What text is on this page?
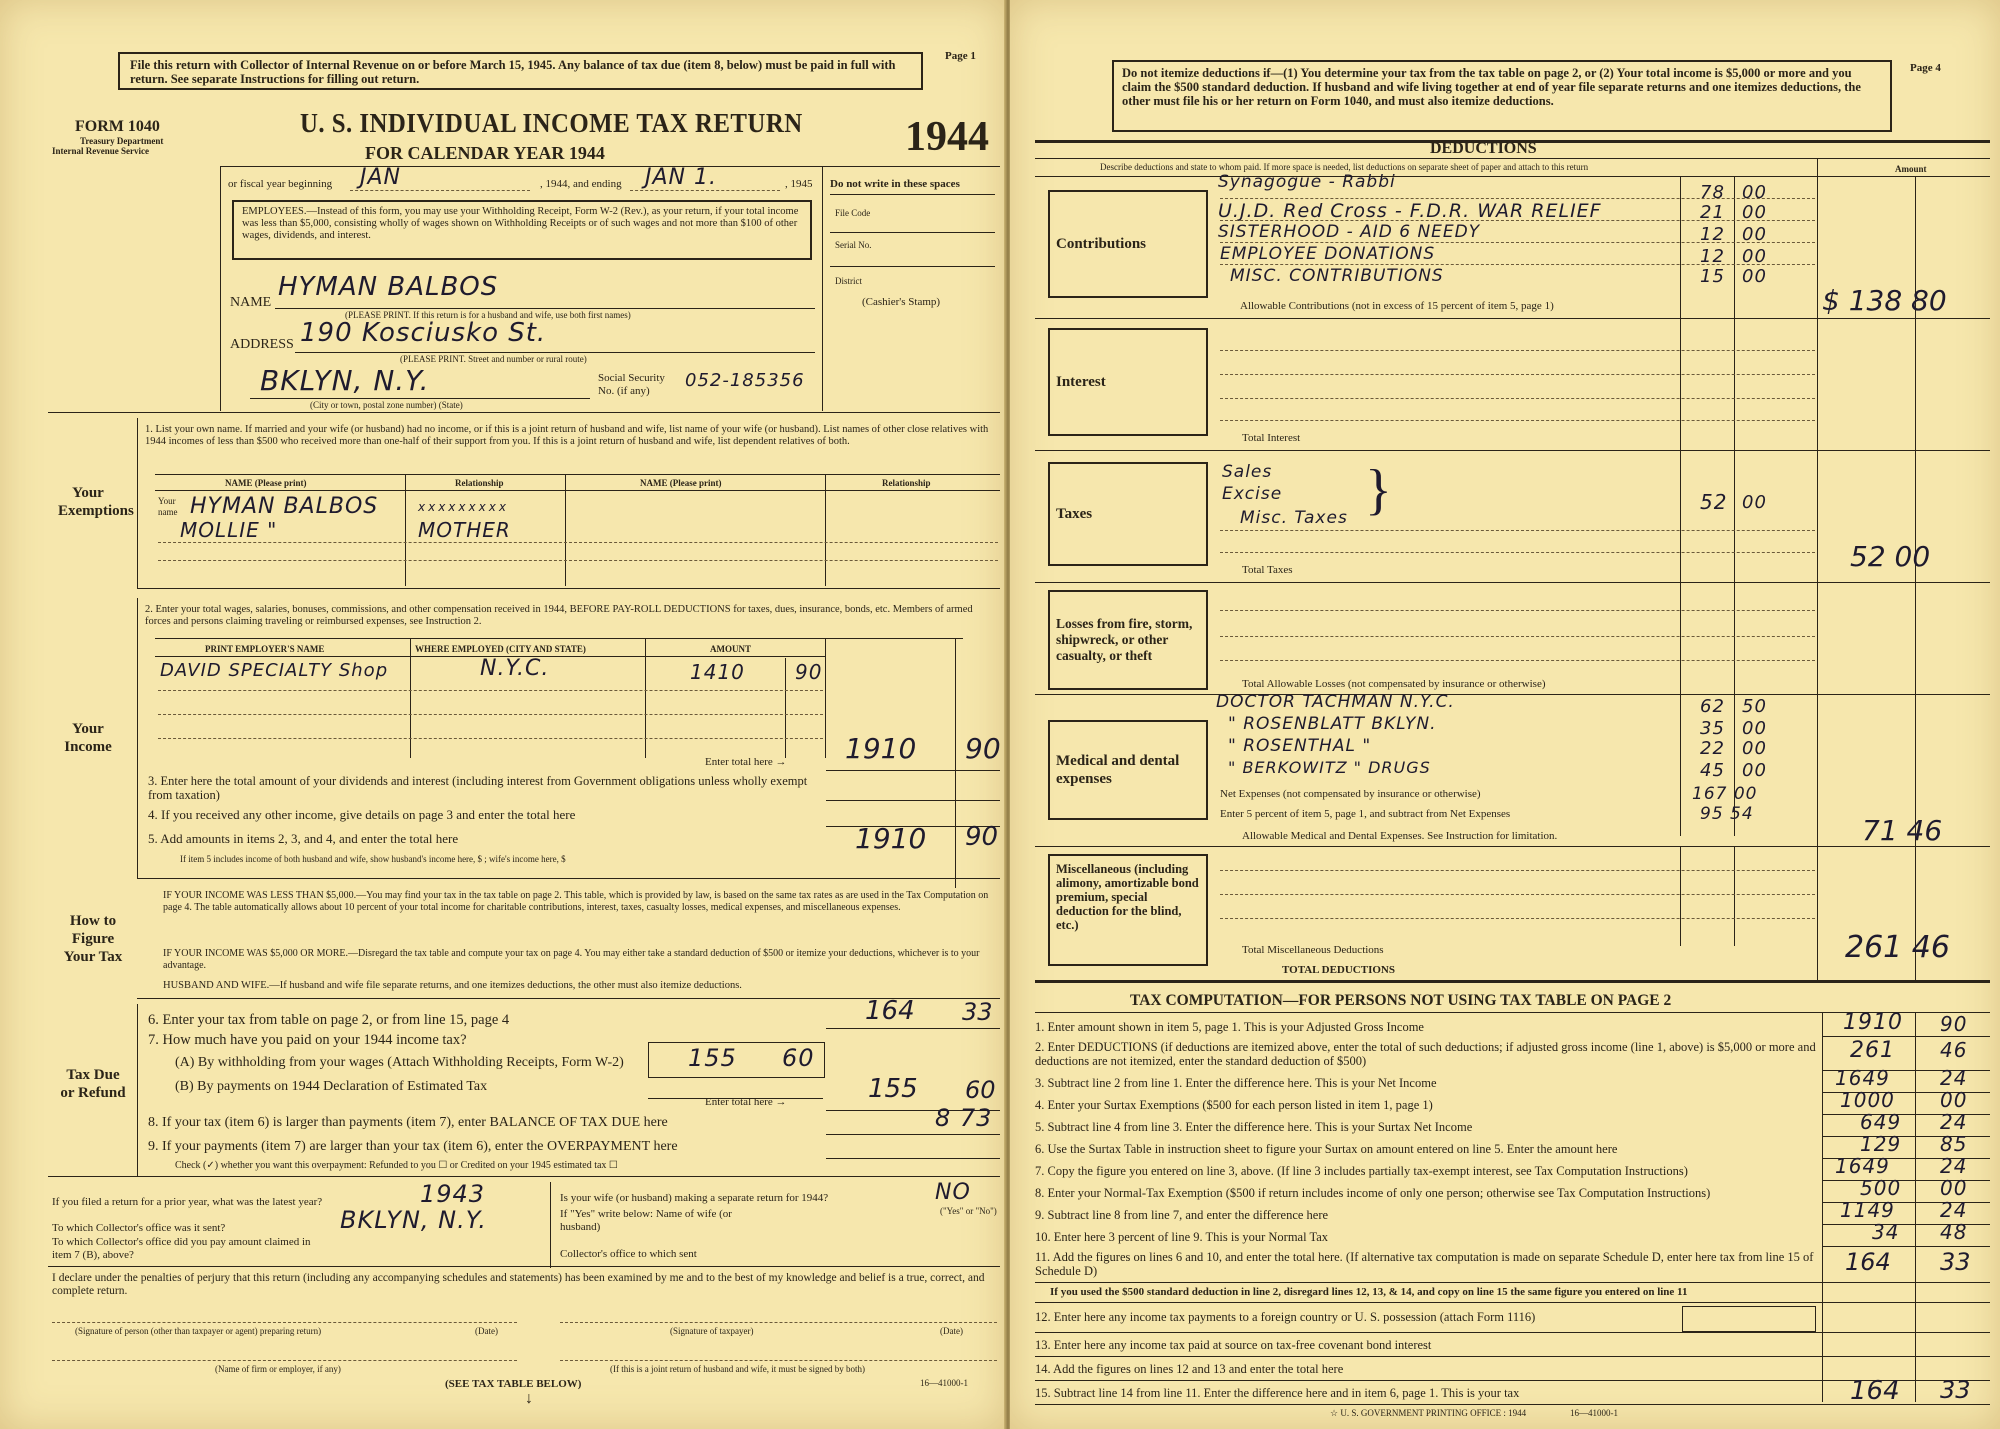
File this return with Collector of Internal Revenue on or before March 15, 1945. Any balance of tax due (item 8, below) must be paid in full with return. See separate Instructions for filling out return.
Page 1
FORM 1040
Treasury Department
Internal Revenue Service
U. S. INDIVIDUAL INCOME TAX RETURN
FOR CALENDAR YEAR 1944	1944
or fiscal year beginning JAN	, 1944, and ending JAN 1.	, 1945 Do not write in these spaces
File Code
Serial No.
District
(Cashier's Stamp)
EMPLOYEES.—Instead of this form, you may use your Withholding Receipt, Form W-2 (Rev.), as your return, if your total income was less than $5,000, consisting wholly of wages shown on Withholding Receipts or of such wages and not more than $100 of other wages, dividends, and interest.
NAME
HYMAN BALBOS
(PLEASE PRINT. If this return is for a husband and wife, use both first names)
ADDRESS 190 Kosciusko St.
(PLEASE PRINT. Street and number or rural route)
BKLYN, N.Y.
(City or town, postal zone number) (State)
Social Security No. (if any)	052-185356
1. List your own name. If married and your wife (or husband) had no income, or if this is a joint return of husband and wife, list name of your wife (or husband). List names of other close relatives with 1944 incomes of less than $500 who received more than one-half of their support from you. If this is a joint return of husband and wife, list dependent relatives of both.
Your Exemptions
NAME (Please print)	Relationship	NAME (Please print)	Relationship
Your name HYMAN BALBOS	xxxxxxxxx
MOLLIE "	MOTHER
2. Enter your total wages, salaries, bonuses, commissions, and other compensation received in 1944, BEFORE PAY-ROLL DEDUCTIONS for taxes, dues, insurance, bonds, etc. Members of armed forces and persons claiming traveling or reimbursed expenses, see Instruction 2.
Your Income
PRINT EMPLOYER'S NAME	WHERE EMPLOYED (CITY AND STATE)	AMOUNT
DAVID SPECIALTY Shop	N.Y.C.	1410	90
Enter total here → 1910 90
3. Enter here the total amount of your dividends and interest (including interest from Government obligations unless wholly exempt from taxation)
4. If you received any other income, give details on page 3 and enter the total here
5. Add amounts in items 2, 3, and 4, and enter the total here	1910 90
If item 5 includes income of both husband and wife, show husband's income here, $ ; wife's income here, $
How to Figure Your Tax
IF YOUR INCOME WAS LESS THAN $5,000.—You may find your tax in the tax table on page 2. This table, which is provided by law, is based on the same tax rates as are used in the Tax Computation on page 4. The table automatically allows about 10 percent of your total income for charitable contributions, interest, taxes, casualty losses, medical expenses, and miscellaneous expenses.
IF YOUR INCOME WAS $5,000 OR MORE.—Disregard the tax table and compute your tax on page 4. You may either take a standard deduction of $500 or itemize your deductions, whichever is to your advantage.
HUSBAND AND WIFE.—If husband and wife file separate returns, and one itemizes deductions, the other must also itemize deductions.
Tax Due or Refund
6. Enter your tax from table on page 2, or from line 15, page 4	164 33
7. How much have you paid on your 1944 income tax?
(A) By withholding from your wages (Attach Withholding Receipts, Form W-2)	155 60
(B) By payments on 1944 Declaration of Estimated Tax
Enter total here →	155 60
8. If your tax (item 6) is larger than payments (item 7), enter BALANCE OF TAX DUE here	8 73
9. If your payments (item 7) are larger than your tax (item 6), enter the OVERPAYMENT here
Check (✓) whether you want this overpayment: Refunded to you ☐ or Credited on your 1945 estimated tax ☐
If you filed a return for a prior year, what was the latest year?	1943
To which Collector's office was it sent?	BKLYN, N.Y.
To which Collector's office did you pay amount claimed in item 7 (B), above?
Is your wife (or husband) making a separate return for 1944?	NO
("Yes" or "No")
If "Yes" write below: Name of wife (or husband)
Collector's office to which sent
I declare under the penalties of perjury that this return (including any accompanying schedules and statements) has been examined by me and to the best of my knowledge and belief is a true, correct, and complete return.
(Signature of person (other than taxpayer or agent) preparing return)	(Date)	(Signature of taxpayer)	(Date)
(Name of firm or employer, if any)	(If this is a joint return of husband and wife, it must be signed by both)
(SEE TAX TABLE BELOW)
↓
16—41000-1
Do not itemize deductions if—(1) You determine your tax from the tax table on page 2, or (2) Your total income is $5,000 or more and you claim the $500 standard deduction. If husband and wife living together at end of year file separate returns and one itemizes deductions, the other must file his or her return on Form 1040, and must also itemize deductions.
Page 4
DEDUCTIONS
Describe deductions and state to whom paid. If more space is needed, list deductions on separate sheet of paper and attach to this return	Amount
Contributions
Synagogue - Rabbi	78 00
U.J.D. Red Cross - F.D.R. WAR RELIEF	21 00
SISTERHOOD - AID 6 NEEDY	12 00
EMPLOYEE DONATIONS	12 00
MISC. CONTRIBUTIONS	15 00
Allowable Contributions (not in excess of 15 percent of item 5, page 1)	$ 138 80
Interest
Total Interest
Taxes
Sales
Excise
Misc. Taxes }	52 00
Total Taxes	52 00
Losses from fire, storm, shipwreck, or other casualty, or theft
Total Allowable Losses (not compensated by insurance or otherwise)
Medical and dental expenses
DOCTOR TACHMAN N.Y.C.	62 50
" ROSENBLATT BKLYN.	35 00
" ROSENTHAL "	22 00
" BERKOWITZ " DRUGS	45 00
Net Expenses (not compensated by insurance or otherwise)	167 00
Enter 5 percent of item 5, page 1, and subtract from Net Expenses	95 54
Allowable Medical and Dental Expenses. See Instruction for limitation.	71 46
Miscellaneous (including alimony, amortizable bond premium, special deduction for the blind, etc.)
Total Miscellaneous Deductions
TOTAL DEDUCTIONS
261 46
TAX COMPUTATION—FOR PERSONS NOT USING TAX TABLE ON PAGE 2
1. Enter amount shown in item 5, page 1. This is your Adjusted Gross Income	1910 90
2. Enter DEDUCTIONS (if deductions are itemized above, enter the total of such deductions; if adjusted gross income (line 1, above) is $5,000 or more and deductions are not itemized, enter the standard deduction of $500)	261 46
3. Subtract line 2 from line 1. Enter the difference here. This is your Net Income	1649	24
4. Enter your Surtax Exemptions ($500 for each person listed in item 1, page 1)	1000 00
5. Subtract line 4 from line 3. Enter the difference here. This is your Surtax Net Income	649 24
6. Use the Surtax Table in instruction sheet to figure your Surtax on amount entered on line 5. Enter the amount here	129 85
7. Copy the figure you entered on line 3, above. (If line 3 includes partially tax-exempt interest, see Tax Computation Instructions)	1649	24
8. Enter your Normal-Tax Exemption ($500 if return includes income of only one person; otherwise see Tax Computation Instructions)	500 00
9. Subtract line 8 from line 7, and enter the difference here	1149 24
10. Enter here 3 percent of line 9. This is your Normal Tax	34 48
11. Add the figures on lines 6 and 10, and enter the total here. (If alternative tax computation is made on separate Schedule D, enter here tax from line 15 of Schedule D)	164 33
If you used the $500 standard deduction in line 2, disregard lines 12, 13, & 14, and copy on line 15 the same figure you entered on line 11
12. Enter here any income tax payments to a foreign country or U. S. possession (attach Form 1116)
13. Enter here any income tax paid at source on tax-free covenant bond interest
14. Add the figures on lines 12 and 13 and enter the total here
15. Subtract line 14 from line 11. Enter the difference here and in item 6, page 1. This is your tax	164 33
☆ U. S. GOVERNMENT PRINTING OFFICE : 1944	16—41000-1
